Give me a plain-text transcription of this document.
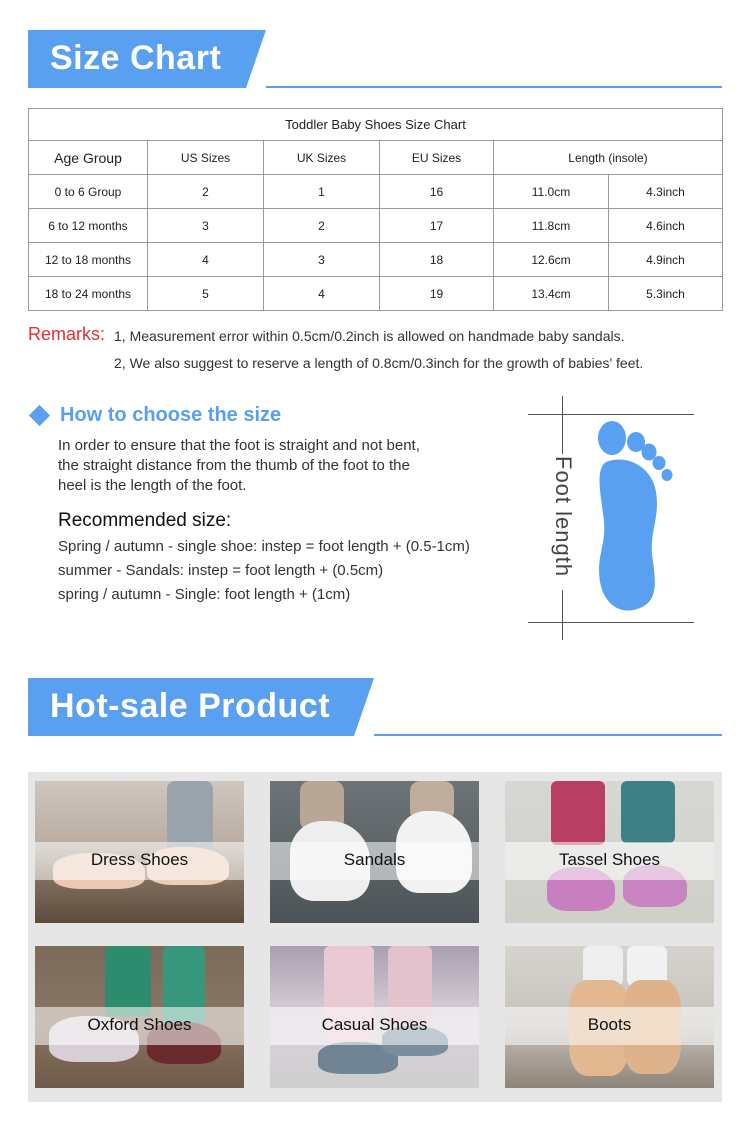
Size Chart
Toddler Baby Shoes Size Chart					
Age Group	US Sizes	UK Sizes	EU Sizes	Length (insole)	
0 to 6 Group	2	1	16	11.0cm	4.3inch
6 to 12 months	3	2	17	11.8cm	4.6inch
12 to 18 months	4	3	18	12.6cm	4.9inch
18 to 24 months	5	4	19	13.4cm	5.3inch
Remarks: 1, Measurement error within 0.5cm/0.2inch is allowed on handmade baby sandals.
2, We also suggest to reserve a length of 0.8cm/0.3inch for the growth of babies' feet.
How to choose the size
In order to ensure that the foot is straight and not bent, the straight distance from the thumb of the foot to the heel is the length of the foot.
Recommended size:
Spring / autumn - single shoe: instep = foot length + (0.5-1cm)
summer - Sandals: instep = foot length + (0.5cm)
spring / autumn - Single: foot length + (1cm)
Foot length
Hot-sale Product
Dress Shoes	Sandals	Tassel Shoes
Oxford Shoes	Casual Shoes	Boots
